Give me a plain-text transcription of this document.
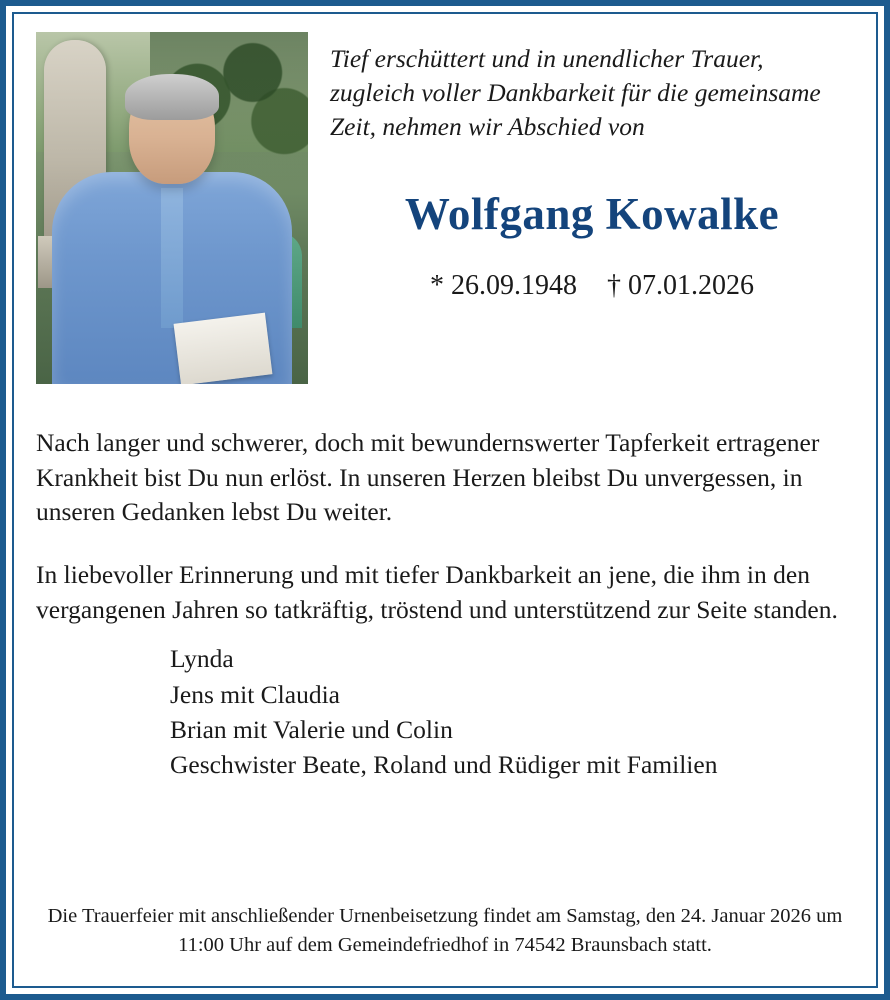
Tief erschüttert und in unendlicher Trauer, zugleich voller Dankbarkeit für die gemeinsame Zeit, nehmen wir Abschied von
Wolfgang Kowalke
* 26.09.1948 † 07.01.2026

Nach langer und schwerer, doch mit bewundernswerter Tapferkeit ertragener Krankheit bist Du nun erlöst. In unseren Herzen bleibst Du unvergessen, in unseren Gedanken lebst Du weiter.

In liebevoller Erinnerung und mit tiefer Dankbarkeit an jene, die ihm in den vergangenen Jahren so tatkräftig, tröstend und unterstützend zur Seite standen.

Lynda
Jens mit Claudia
Brian mit Valerie und Colin
Geschwister Beate, Roland und Rüdiger mit Familien
Die Trauerfeier mit anschließender Urnenbeisetzung findet am Samstag, den 24. Januar 2026 um 11:00 Uhr auf dem Gemeindefriedhof in 74542 Braunsbach statt.
